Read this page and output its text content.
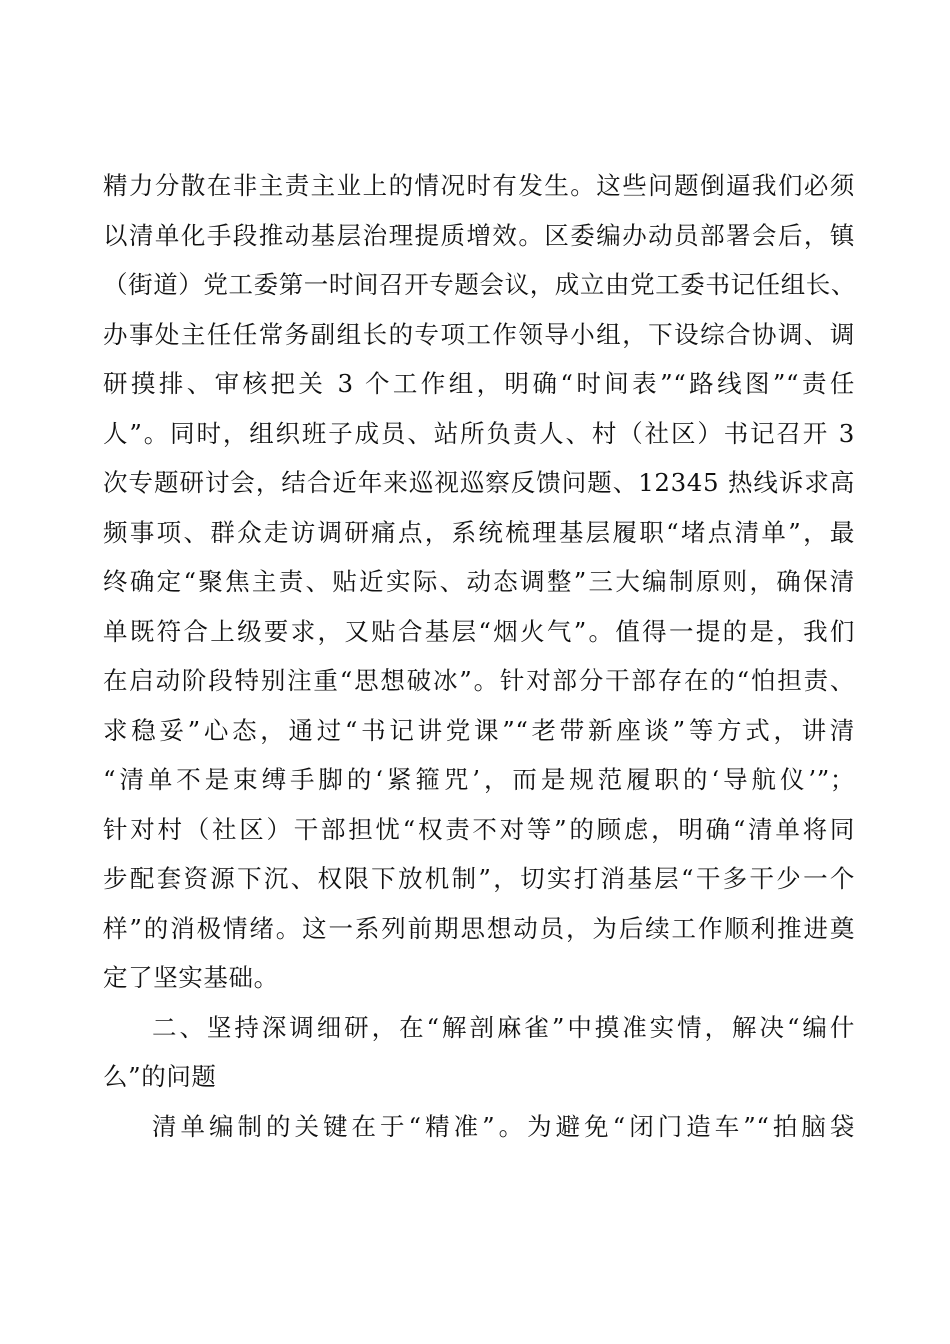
精力分散在非主责主业上的情况时有发生。这些问题倒逼我们必须
以清单化手段推动基层治理提质增效。区委编办动员部署会后，镇
（街道）党工委第一时间召开专题会议，成立由党工委书记任组长、
办事处主任任常务副组长的专项工作领导小组，下设综合协调、调
研摸排、审核把关 3 个工作组，明确“时间表”“路线图”“责任
人”。同时，组织班子成员、站所负责人、村（社区）书记召开 3
次专题研讨会，结合近年来巡视巡察反馈问题、12345 热线诉求高
频事项、群众走访调研痛点，系统梳理基层履职“堵点清单”，最
终确定“聚焦主责、贴近实际、动态调整”三大编制原则，确保清
单既符合上级要求，又贴合基层“烟火气”。值得一提的是，我们
在启动阶段特别注重“思想破冰”。针对部分干部存在的“怕担责、
求稳妥”心态，通过“书记讲党课”“老带新座谈”等方式，讲清
“清单不是束缚手脚的‘紧箍咒’，而是规范履职的‘导航仪’”；
针对村（社区）干部担忧“权责不对等”的顾虑，明确“清单将同
步配套资源下沉、权限下放机制”，切实打消基层“干多干少一个
样”的消极情绪。这一系列前期思想动员，为后续工作顺利推进奠
定了坚实基础。
二、坚持深调细研，在“解剖麻雀”中摸准实情，解决“编什
么”的问题
清单编制的关键在于“精准”。为避免“闭门造车”“拍脑袋
